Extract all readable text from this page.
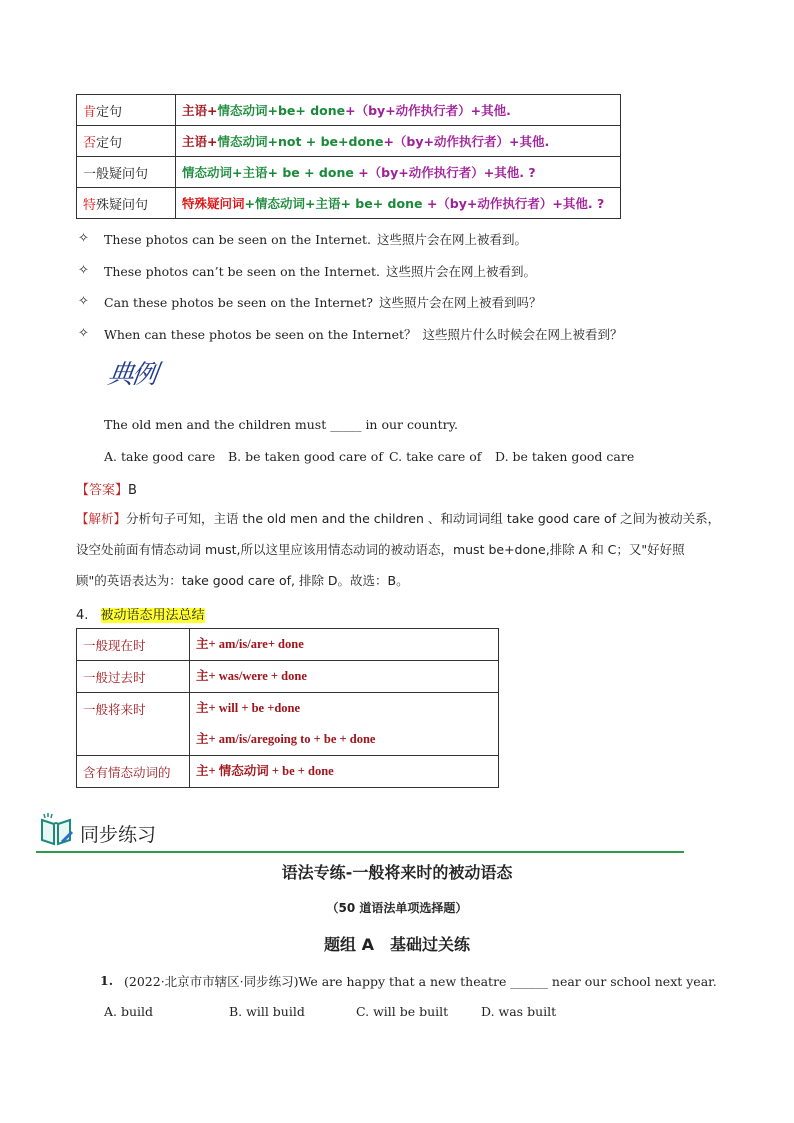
肯定句	主语+情态动词+be+ done+（by+动作执行者）+其他.
否定句	主语+情态动词+not + be+done+（by+动作执行者）+其他.
一般疑问句	情态动词+主语+ be + done +（by+动作执行者）+其他. ?
特殊疑问句	特殊疑问词+情态动词+主语+ be+ done +（by+动作执行者）+其他. ?
✧ These photos can be seen on the Internet. 这些照片会在网上被看到。
✧ These photos can’t be seen on the Internet. 这些照片会在网上被看到。
✧ Can these photos be seen on the Internet? 这些照片会在网上被看到吗？
✧ When can these photos be seen on the Internet？ 这些照片什么时候会在网上被看到？
典例
The old men and the children must _____ in our country.
A. take good care B. be taken good care of C. take care of D. be taken good care
【答案】B
【解析】分析句子可知，主语 the old men and the children 、和动词词组 take good care of 之间为被动关系，
设空处前面有情态动词 must,所以这里应该用情态动词的被动语态，must be+done,排除 A 和 C；又"好好照
顾"的英语表达为：take good care of, 排除 D。故选：B。
4. 被动语态用法总结
一般现在时	主+ am/is/are+ done

一般过去时	主+ was/were + done

一般将来时	主+ will + be +done
主+ am/is/aregoing to + be + done

含有情态动词的	主+ 情态动词 + be + done
同步练习
语法专练-一般将来时的被动语态
（50 道语法单项选择题）
题组 A　基础过关练
1. (2022·北京市市辖区·同步练习)We are happy that a new theatre ______ near our school next year.
A. build	B. will build	C. will be built	D. was built
